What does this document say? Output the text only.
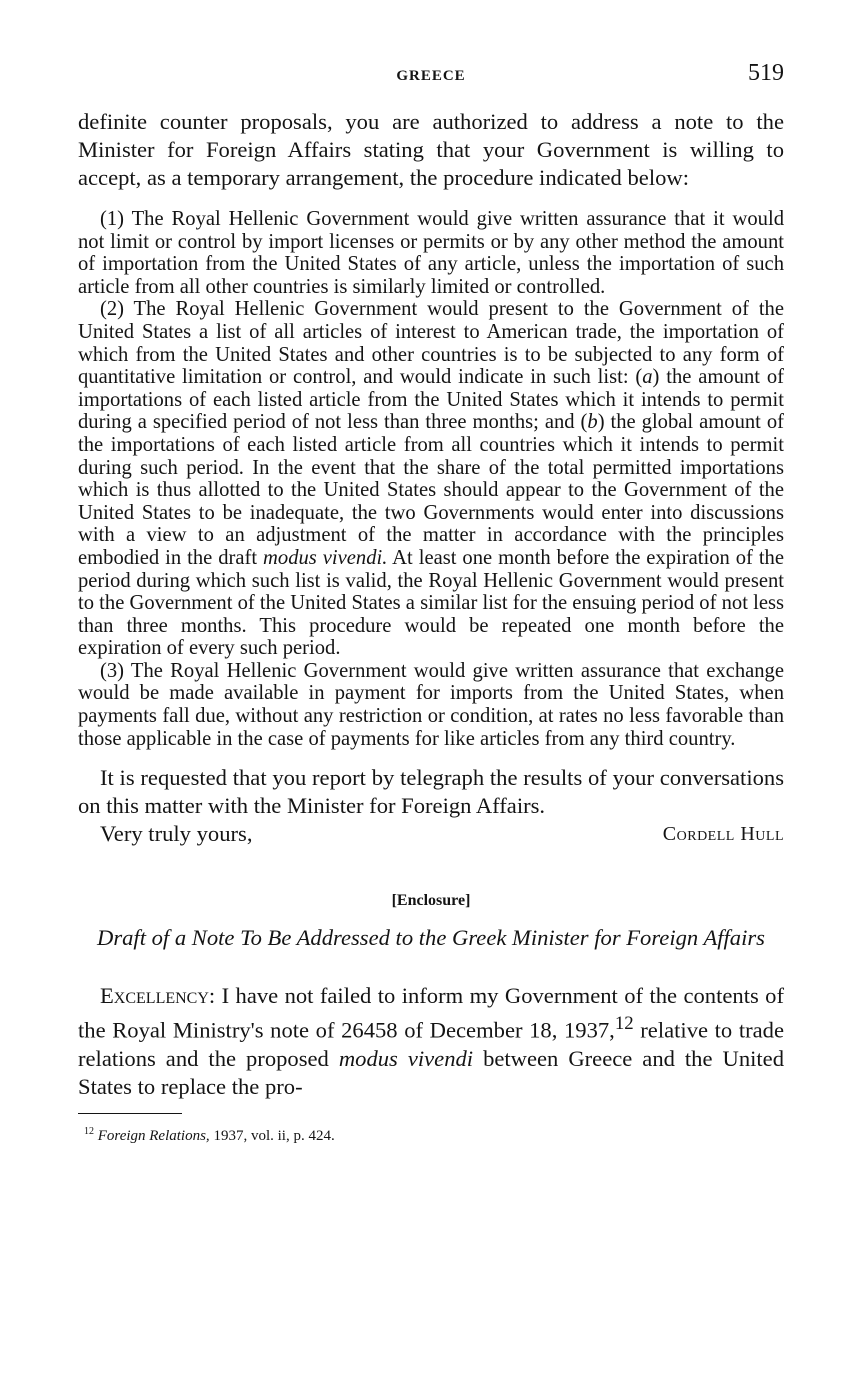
GREECE	519

definite counter proposals, you are authorized to address a note to the Minister for Foreign Affairs stating that your Government is willing to accept, as a temporary arrangement, the procedure indicated below:

(1) The Royal Hellenic Government would give written assurance that it would not limit or control by import licenses or permits or by any other method the amount of importation from the United States of any article, unless the importation of such article from all other countries is similarly limited or controlled.

(2) The Royal Hellenic Government would present to the Government of the United States a list of all articles of interest to American trade, the importation of which from the United States and other countries is to be subjected to any form of quantitative limitation or control, and would indicate in such list: (a) the amount of importations of each listed article from the United States which it intends to permit during a specified period of not less than three months; and (b) the global amount of the importations of each listed article from all countries which it intends to permit during such period. In the event that the share of the total permitted importations which is thus allotted to the United States should appear to the Government of the United States to be inadequate, the two Governments would enter into discussions with a view to an adjustment of the matter in accordance with the principles embodied in the draft modus vivendi. At least one month before the expiration of the period during which such list is valid, the Royal Hellenic Government would present to the Government of the United States a similar list for the ensuing period of not less than three months. This procedure would be repeated one month before the expiration of every such period.

(3) The Royal Hellenic Government would give written assurance that exchange would be made available in payment for imports from the United States, when payments fall due, without any restriction or condition, at rates no less favorable than those applicable in the case of payments for like articles from any third country.

It is requested that you report by telegraph the results of your conversations on this matter with the Minister for Foreign Affairs.

Very truly yours,	Cordell Hull
[Enclosure]
Draft of a Note To Be Addressed to the Greek Minister for Foreign Affairs

Excellency: I have not failed to inform my Government of the contents of the Royal Ministry's note of 26458 of December 18, 1937,12 relative to trade relations and the proposed modus vivendi between Greece and the United States to replace the pro-

$^{12}$ Foreign Relations, 1937, vol. ii, p. 424.
